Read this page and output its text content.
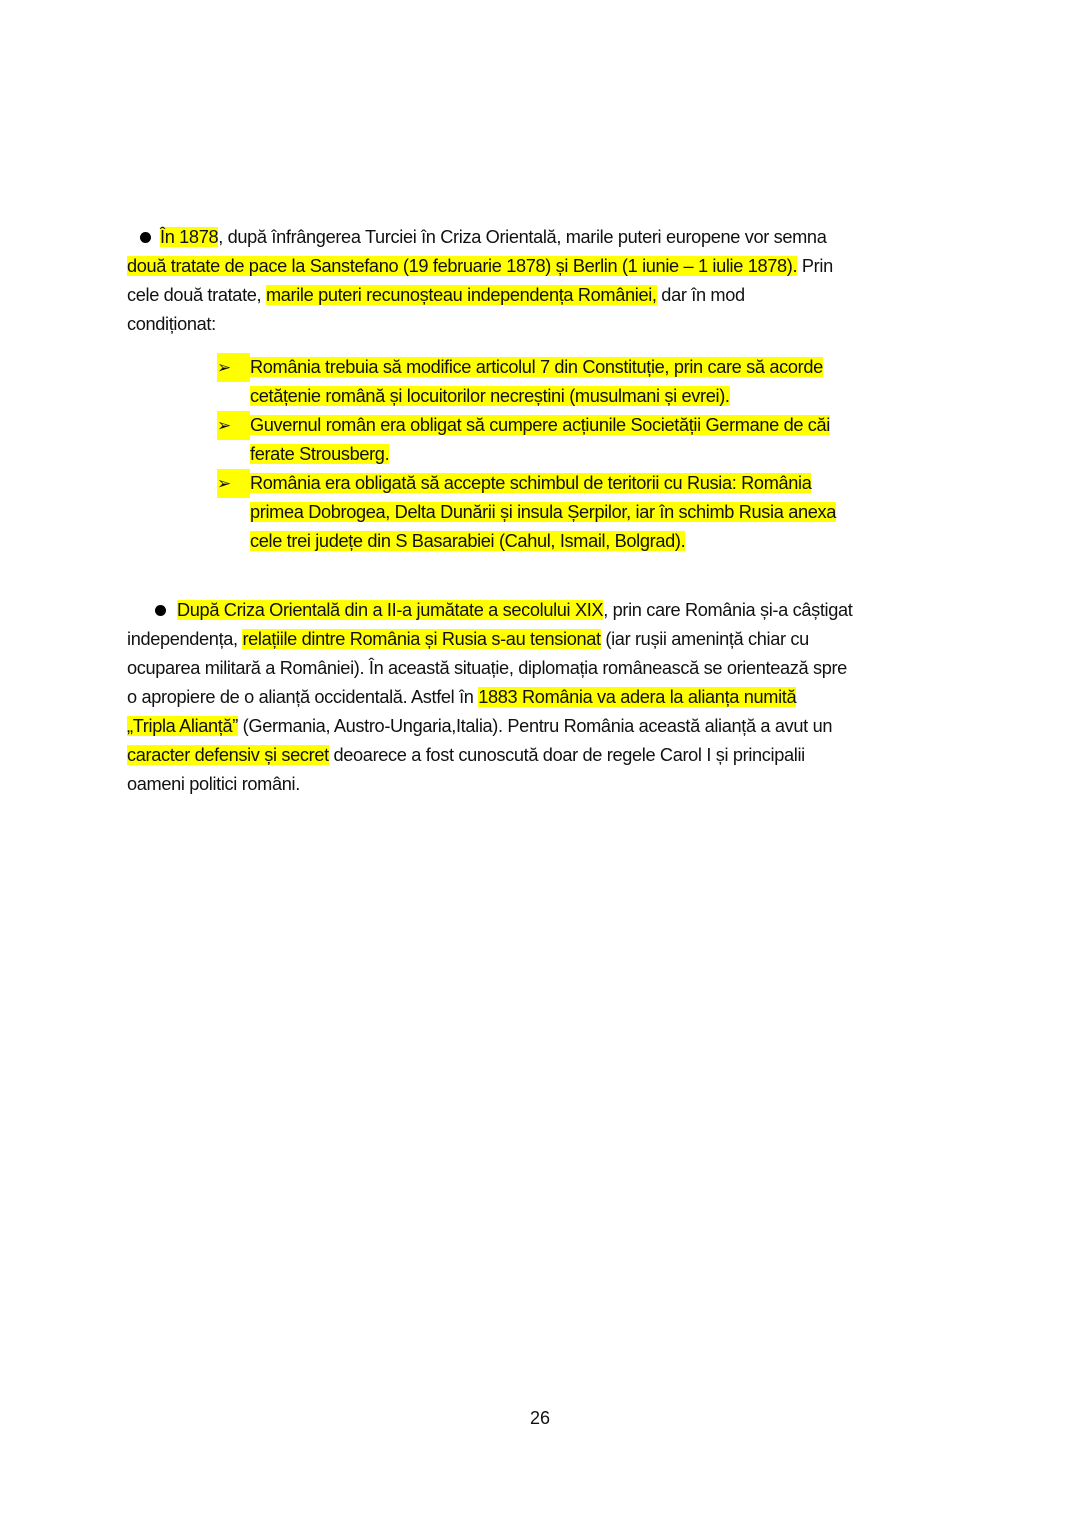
În 1878, după înfrângerea Turciei în Criza Orientală, marile puteri europene vor semna
două tratate de pace la Sanstefano (19 februarie 1878) și Berlin (1 iunie – 1 iulie 1878). Prin
cele două tratate, marile puteri recunoșteau independența României, dar în mod
condiționat:
➢	România trebuia să modifice articolul 7 din Constituție, prin care să acorde
cetățenie română și locuitorilor necreștini (musulmani și evrei).
➢	Guvernul român era obligat să cumpere acțiunile Societății Germane de căi
ferate Strousberg.
➢	România era obligată să accepte schimbul de teritorii cu Rusia: România
primea Dobrogea, Delta Dunării și insula Șerpilor, iar în schimb Rusia anexa
cele trei județe din S Basarabiei (Cahul, Ismail, Bolgrad).
După Criza Orientală din a II-a jumătate a secolului XIX, prin care România și-a câștigat
independența, relațiile dintre România și Rusia s-au tensionat (iar rușii amenință chiar cu
ocuparea militară a României). În această situație, diplomația românească se orientează spre
o apropiere de o alianță occidentală. Astfel în 1883 România va adera la alianța numită
„Tripla Alianță” (Germania, Austro-Ungaria,Italia). Pentru România această alianță a avut un
caracter defensiv și secret deoarece a fost cunoscută doar de regele Carol I și principalii
oameni politici români.
26
